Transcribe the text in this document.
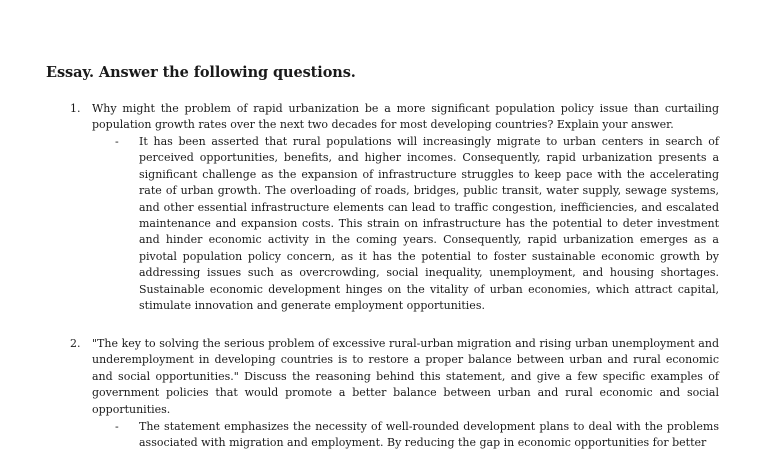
Essay. Answer the following questions.
1. Why might the problem of rapid urbanization be a more significant population policy issue than curtailing population growth rates over the next two decades for most developing countries? Explain your answer.
- It has been asserted that rural populations will increasingly migrate to urban centers in search of perceived opportunities, benefits, and higher incomes. Consequently, rapid urbanization presents a significant challenge as the expansion of infrastructure struggles to keep pace with the accelerating rate of urban growth. The overloading of roads, bridges, public transit, water supply, sewage systems, and other essential infrastructure elements can lead to traffic congestion, inefficiencies, and escalated maintenance and expansion costs. This strain on infrastructure has the potential to deter investment and hinder economic activity in the coming years. Consequently, rapid urbanization emerges as a pivotal population policy concern, as it has the potential to foster sustainable economic growth by addressing issues such as overcrowding, social inequality, unemployment, and housing shortages. Sustainable economic development hinges on the vitality of urban economies, which attract capital, stimulate innovation and generate employment opportunities.
2. "The key to solving the serious problem of excessive rural-urban migration and rising urban unemployment and underemployment in developing countries is to restore a proper balance between urban and rural economic and social opportunities." Discuss the reasoning behind this statement, and give a few specific examples of government policies that would promote a better balance between urban and rural economic and social opportunities.
- The statement emphasizes the necessity of well-rounded development plans to deal with the problems associated with migration and employment. By reducing the gap in economic opportunities for better
